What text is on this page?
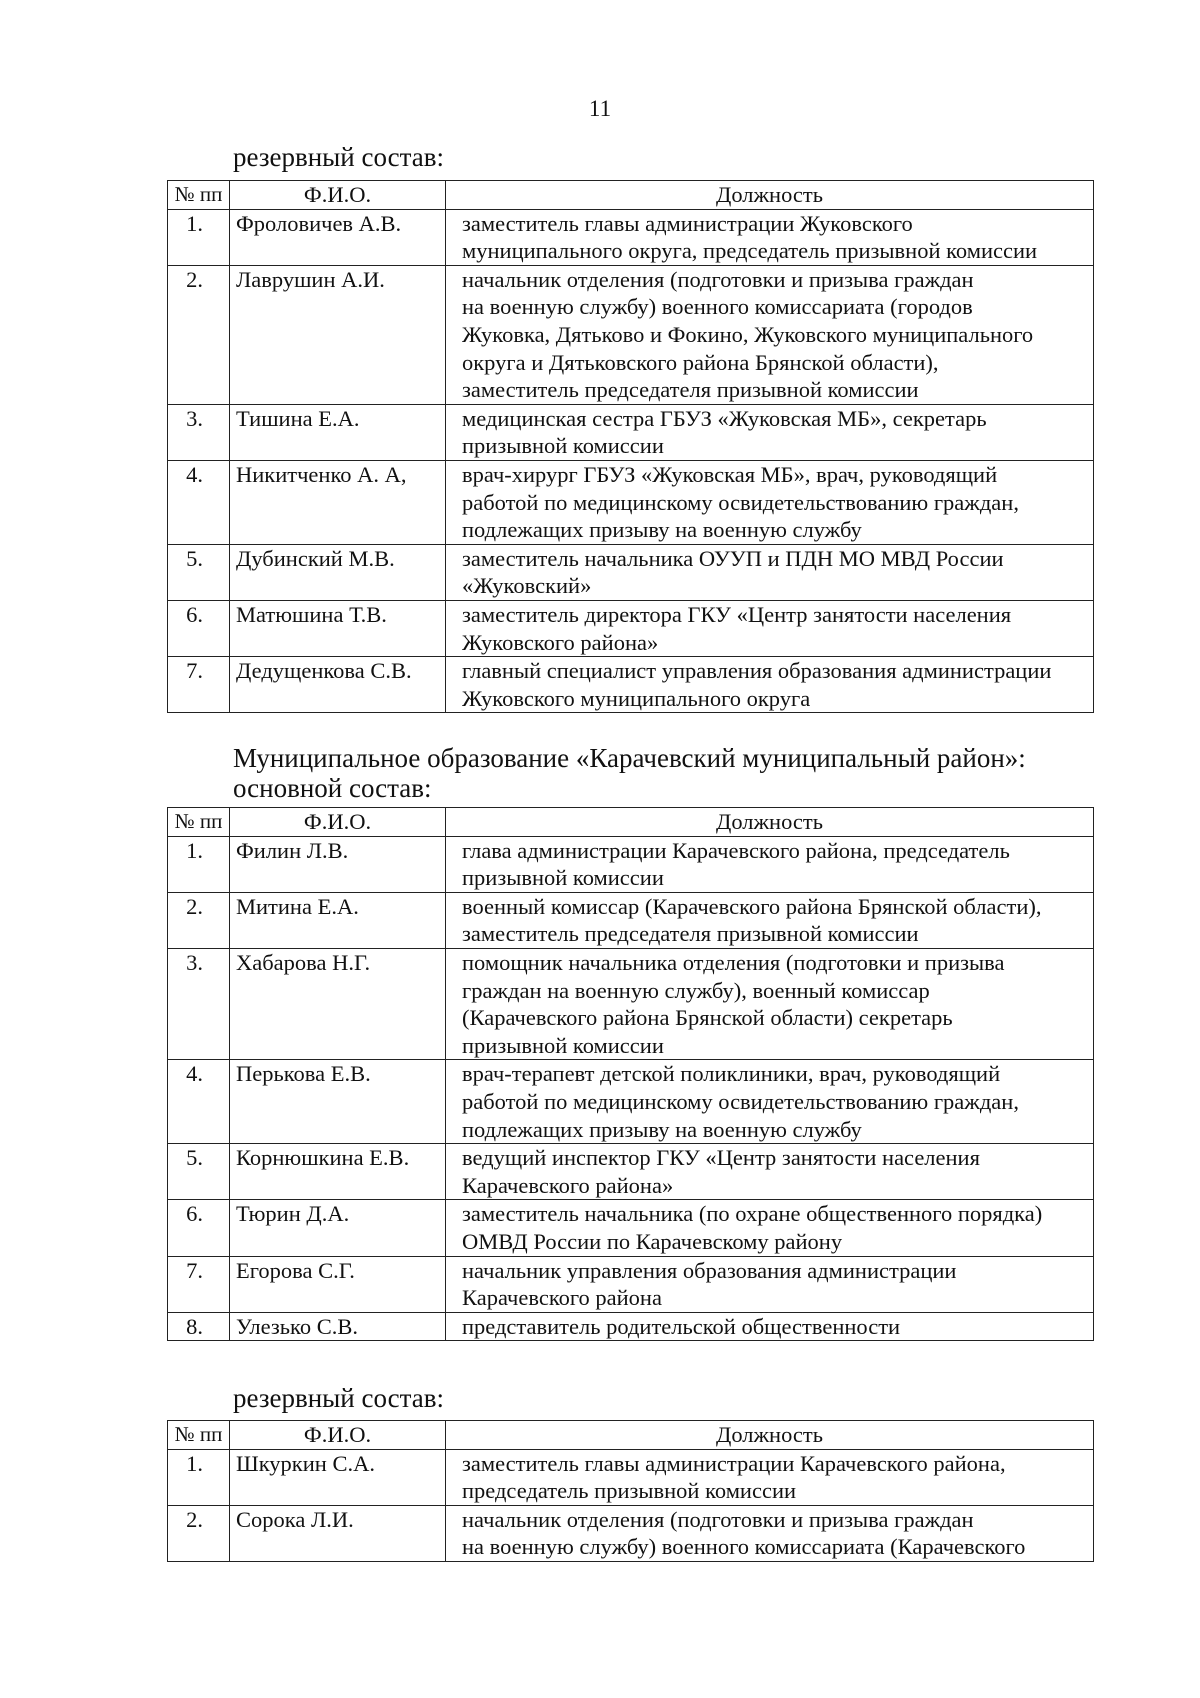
11
резервный состав:
№ пп	Ф.И.О.	Должность
1.	Фроловичев А.В.	заместитель главы администрации Жуковского
муниципального округа, председатель призывной комиссии

2.	Лаврушин А.И.	начальник отделения (подготовки и призыва граждан
на военную службу) военного комиссариата (городов
Жуковка, Дятьково и Фокино, Жуковского муниципального
округа и Дятьковского района Брянской области),
заместитель председателя призывной комиссии

3.	Тишина Е.А.	медицинская сестра ГБУЗ «Жуковская МБ», секретарь
призывной комиссии

4.	Никитченко А. А,	врач-хирург ГБУЗ «Жуковская МБ», врач, руководящий
работой по медицинскому освидетельствованию граждан,
подлежащих призыву на военную службу

5.	Дубинский М.В.	заместитель начальника ОУУП и ПДН МО МВД России
«Жуковский»

6.	Матюшина Т.В.	заместитель директора ГКУ «Центр занятости населения
Жуковского района»

7.	Дедущенкова С.В.	главный специалист управления образования администрации
Жуковского муниципального округа
Муниципальное образование «Карачевский муниципальный район»:
основной состав:
№ пп	Ф.И.О.	Должность
1.	Филин Л.В.	глава администрации Карачевского района, председатель
призывной комиссии

2.	Митина Е.А.	военный комиссар (Карачевского района Брянской области),
заместитель председателя призывной комиссии

3.	Хабарова Н.Г.	помощник начальника отделения (подготовки и призыва
граждан на военную службу), военный комиссар
(Карачевского района Брянской области) секретарь
призывной комиссии

4.	Перькова Е.В.	врач-терапевт детской поликлиники, врач, руководящий
работой по медицинскому освидетельствованию граждан,
подлежащих призыву на военную службу

5.	Корнюшкина Е.В.	ведущий инспектор ГКУ «Центр занятости населения
Карачевского района»

6.	Тюрин Д.А.	заместитель начальника (по охране общественного порядка)
ОМВД России по Карачевскому району

7.	Егорова С.Г.	начальник управления образования администрации
Карачевского района

8.	Улезько С.В.	представитель родительской общественности
резервный состав:
№ пп	Ф.И.О.	Должность
1.	Шкуркин С.А.	заместитель главы администрации Карачевского района,
председатель призывной комиссии

2.	Сорока Л.И.	начальник отделения (подготовки и призыва граждан
на военную службу) военного комиссариата (Карачевского
